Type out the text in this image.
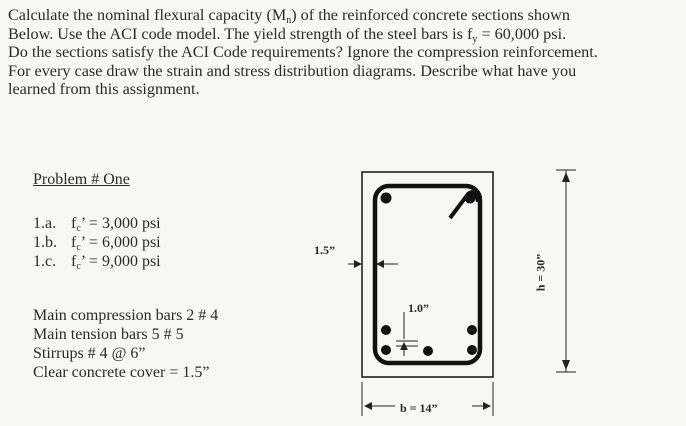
Calculate the nominal flexural capacity $(M_n)$ of the reinforced concrete sections shown
Below. Use the ACI code model. The yield strength of the steel bars is $f_y = 60,000$ psi.
Do the sections satisfy the ACI Code requirements? Ignore the compression reinforcement.
For every case draw the strain and stress distribution diagrams. Describe what have you
learned from this assignment.
Problem # One
1.a. $f_c$’ = 3,000 psi
1.b. $f_c$’ = 6,000 psi
1.c. $f_c$’ = 9,000 psi
Main compression bars 2 # 4
Main tension bars 5 # 5
Stirrups # 4 @ 6”
Clear concrete cover = 1.5”
1.5”
1.0”
b = 14”
h = 30”
